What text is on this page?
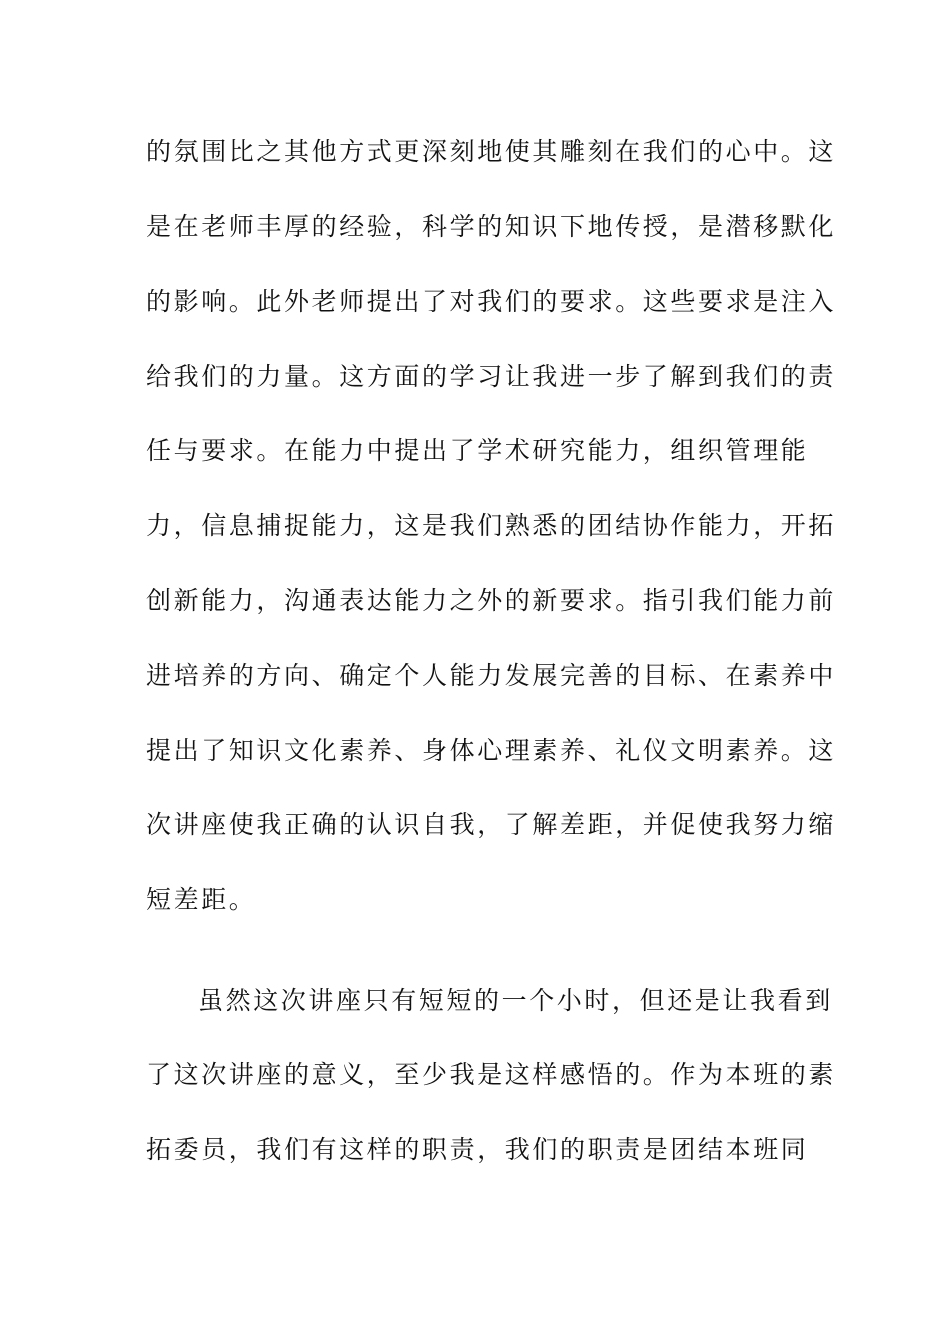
的氛围比之其他方式更深刻地使其雕刻在我们的心中。这
是在老师丰厚的经验，科学的知识下地传授，是潜移默化
的影响。此外老师提出了对我们的要求。这些要求是注入
给我们的力量。这方面的学习让我进一步了解到我们的责
任与要求。在能力中提出了学术研究能力，组织管理能
力，信息捕捉能力，这是我们熟悉的团结协作能力，开拓
创新能力，沟通表达能力之外的新要求。指引我们能力前
进培养的方向、确定个人能力发展完善的目标、在素养中
提出了知识文化素养、身体心理素养、礼仪文明素养。这
次讲座使我正确的认识自我，了解差距，并促使我努力缩
短差距。
虽然这次讲座只有短短的一个小时，但还是让我看到
了这次讲座的意义，至少我是这样感悟的。作为本班的素
拓委员，我们有这样的职责，我们的职责是团结本班同
